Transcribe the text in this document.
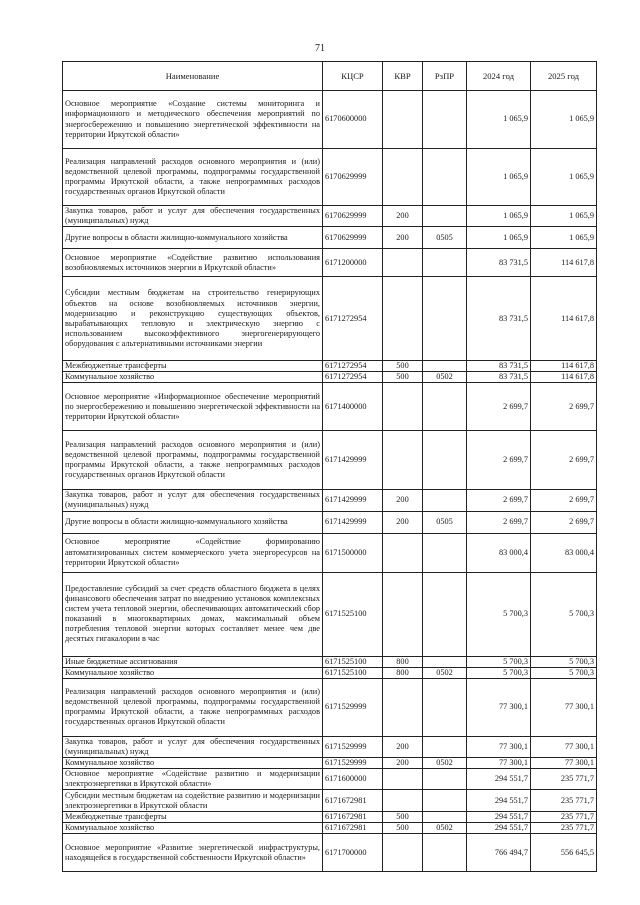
71
Наименование	КЦСР	КВР	РзПР	2024 год	2025 год
Основное мероприятие «Создание системы мониторинга и информационного и методического обеспечения мероприятий по энергосбережению и повышению энергетической эффективности на территории Иркутской области»	6170600000			1 065,9	1 065,9
Реализация направлений расходов основного мероприятия и (или) ведомственной целевой программы, подпрограммы государственной программы Иркутской области, а также непрограммных расходов государственных органов Иркутской области	6170629999			1 065,9	1 065,9
Закупка товаров, работ и услуг для обеспечения государственных (муниципальных) нужд	6170629999	200		1 065,9	1 065,9
Другие вопросы в области жилищно-коммунального хозяйства	6170629999	200	0505	1 065,9	1 065,9
Основное мероприятие «Содействие развитию использования возобновляемых источников энергии в Иркутской области»	6171200000			83 731,5	114 617,8
Субсидии местным бюджетам на строительство генерирующих объектов на основе возобновляемых источников энергии, модернизацию и реконструкцию существующих объектов, вырабатывающих тепловую и электрическую энергию с использованием высокоэффективного энергогенерирующего оборудования с альтернативными источниками энергии	6171272954			83 731,5	114 617,8
Межбюджетные трансферты	6171272954	500		83 731,5	114 617,8
Коммунальное хозяйство	6171272954	500	0502	83 731,5	114 617,8
Основное мероприятие «Информационное обеспечение мероприятий по энергосбережению и повышению энергетической эффективности на территории Иркутской области»	6171400000			2 699,7	2 699,7
Реализация направлений расходов основного мероприятия и (или) ведомственной целевой программы, подпрограммы государственной программы Иркутской области, а также непрограммных расходов государственных органов Иркутской области	6171429999			2 699,7	2 699,7
Закупка товаров, работ и услуг для обеспечения государственных (муниципальных) нужд	6171429999	200		2 699,7	2 699,7
Другие вопросы в области жилищно-коммунального хозяйства	6171429999	200	0505	2 699,7	2 699,7
Основное мероприятие «Содействие формированию автоматизированных систем коммерческого учета энергоресурсов на территории Иркутской области»	6171500000			83 000,4	83 000,4
Предоставление субсидий за счет средств областного бюджета в целях финансового обеспечения затрат по внедрению установок комплексных систем учета тепловой энергии, обеспечивающих автоматический сбор показаний в многоквартирных домах, максимальный объем потребления тепловой энергии которых составляет менее чем две десятых гигакалории в час	6171525100			5 700,3	5 700,3
Иные бюджетные ассигнования	6171525100	800		5 700,3	5 700,3
Коммунальное хозяйство	6171525100	800	0502	5 700,3	5 700,3
Реализация направлений расходов основного мероприятия и (или) ведомственной целевой программы, подпрограммы государственной программы Иркутской области, а также непрограммных расходов государственных органов Иркутской области	6171529999			77 300,1	77 300,1
Закупка товаров, работ и услуг для обеспечения государственных (муниципальных) нужд	6171529999	200		77 300,1	77 300,1
Коммунальное хозяйство	6171529999	200	0502	77 300,1	77 300,1
Основное мероприятие «Содействие развитию и модернизации электроэнергетики в Иркутской области»	6171600000			294 551,7	235 771,7
Субсидии местным бюджетам на содействие развитию и модернизации электроэнергетики в Иркутской области	6171672981			294 551,7	235 771,7
Межбюджетные трансферты	6171672981	500		294 551,7	235 771,7
Коммунальное хозяйство	6171672981	500	0502	294 551,7	235 771,7
Основное мероприятие «Развитие энергетической инфраструктуры, находящейся в государственной собственности Иркутской области»	6171700000			766 494,7	556 645,5
